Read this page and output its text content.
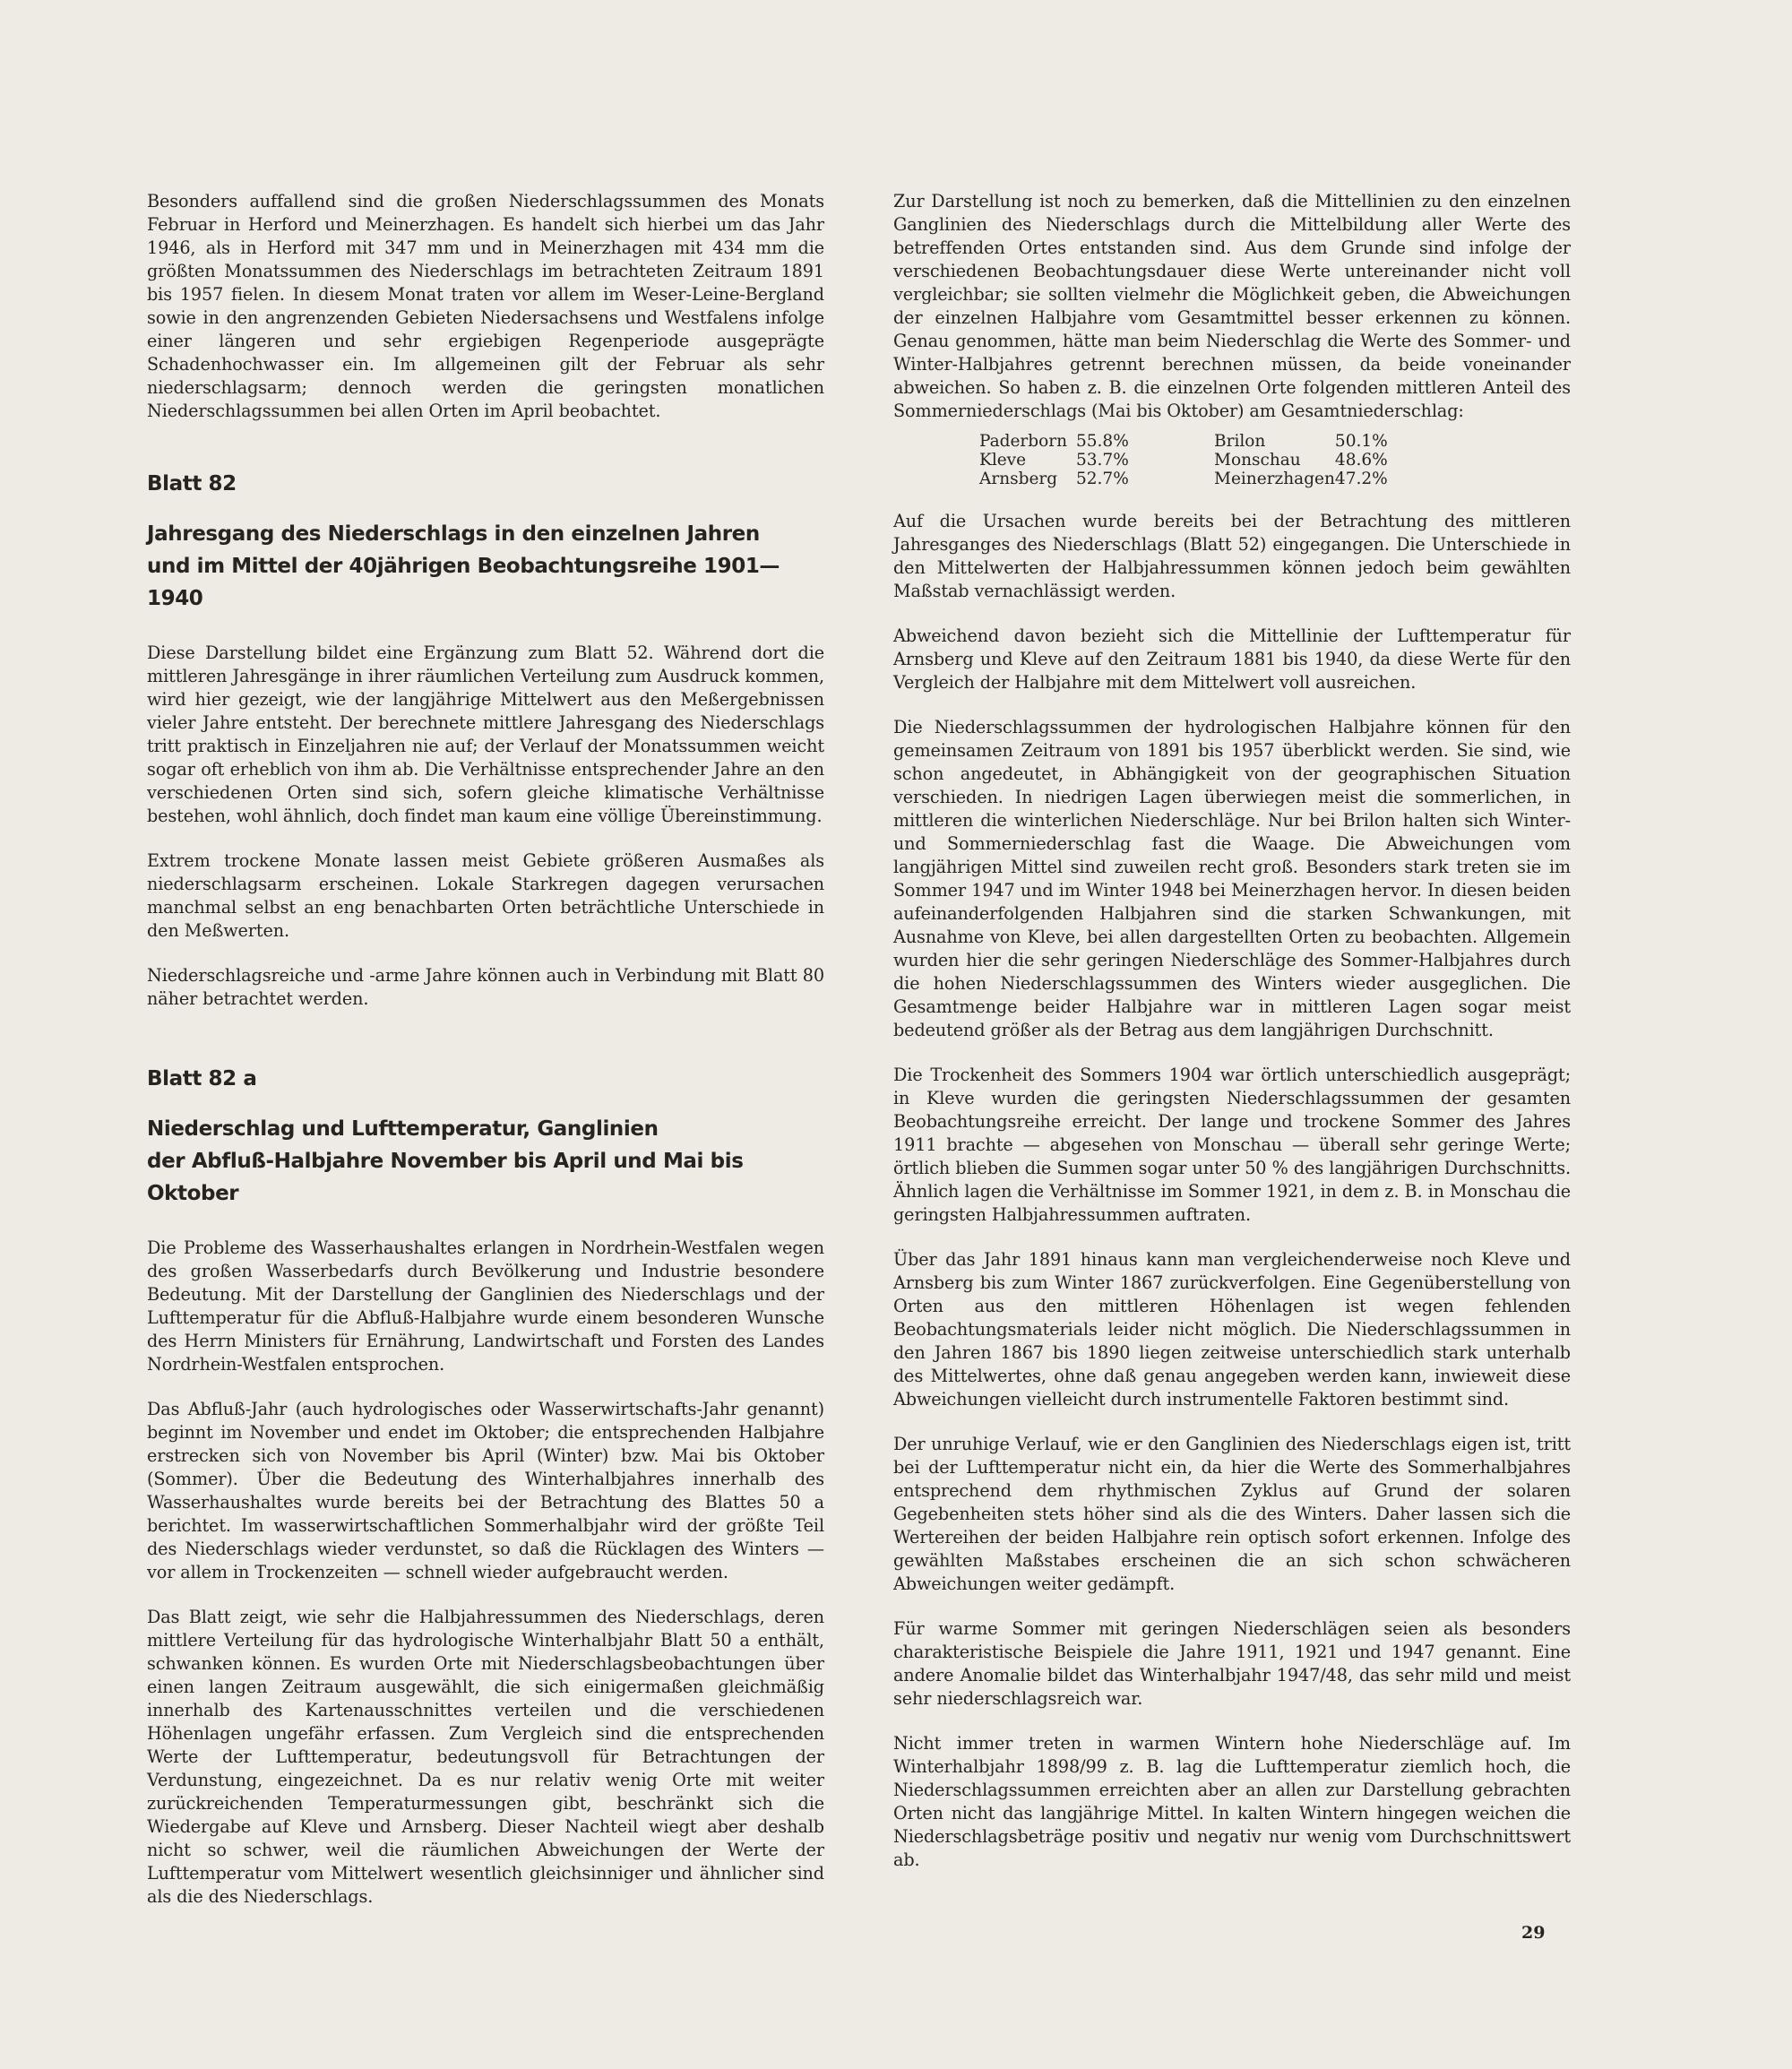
Besonders auffallend sind die großen Niederschlagssummen des Monats Februar in Herford und Meinerzhagen. Es handelt sich hierbei um das Jahr 1946, als in Herford mit 347 mm und in Meinerzhagen mit 434 mm die größten Monatssummen des Niederschlags im betrachteten Zeitraum 1891 bis 1957 fielen. In diesem Monat traten vor allem im Weser-Leine-Bergland sowie in den angrenzenden Gebieten Niedersachsens und Westfalens infolge einer längeren und sehr ergiebigen Regenperiode ausgeprägte Schadenhochwasser ein. Im allgemeinen gilt der Februar als sehr niederschlagsarm; dennoch werden die geringsten monatlichen Niederschlagssummen bei allen Orten im April beobachtet.

Blatt 82
Jahresgang des Niederschlags in den einzelnen Jahren
und im Mittel der 40jährigen Beobachtungsreihe 1901—1940

Diese Darstellung bildet eine Ergänzung zum Blatt 52. Während dort die mittleren Jahresgänge in ihrer räumlichen Verteilung zum Ausdruck kommen, wird hier gezeigt, wie der langjährige Mittelwert aus den Meßergebnissen vieler Jahre entsteht. Der berechnete mittlere Jahresgang des Niederschlags tritt praktisch in Einzeljahren nie auf; der Verlauf der Monatssummen weicht sogar oft erheblich von ihm ab. Die Verhältnisse entsprechender Jahre an den verschiedenen Orten sind sich, sofern gleiche klimatische Verhältnisse bestehen, wohl ähnlich, doch findet man kaum eine völlige Übereinstimmung.

Extrem trockene Monate lassen meist Gebiete größeren Ausmaßes als niederschlagsarm erscheinen. Lokale Starkregen dagegen verursachen manchmal selbst an eng benachbarten Orten beträchtliche Unterschiede in den Meßwerten.

Niederschlagsreiche und -arme Jahre können auch in Verbindung mit Blatt 80 näher betrachtet werden.

Blatt 82 a
Niederschlag und Lufttemperatur, Ganglinien
der Abfluß-Halbjahre November bis April und Mai bis Oktober

Die Probleme des Wasserhaushaltes erlangen in Nordrhein-Westfalen wegen des großen Wasserbedarfs durch Bevölkerung und Industrie besondere Bedeutung. Mit der Darstellung der Ganglinien des Niederschlags und der Lufttemperatur für die Abfluß-Halbjahre wurde einem besonderen Wunsche des Herrn Ministers für Ernährung, Landwirtschaft und Forsten des Landes Nordrhein-Westfalen entsprochen.

Das Abfluß-Jahr (auch hydrologisches oder Wasserwirtschafts-Jahr genannt) beginnt im November und endet im Oktober; die entsprechenden Halbjahre erstrecken sich von November bis April (Winter) bzw. Mai bis Oktober (Sommer). Über die Bedeutung des Winterhalbjahres innerhalb des Wasserhaushaltes wurde bereits bei der Betrachtung des Blattes 50 a berichtet. Im wasserwirtschaftlichen Sommerhalbjahr wird der größte Teil des Niederschlags wieder verdunstet, so daß die Rücklagen des Winters — vor allem in Trockenzeiten — schnell wieder aufgebraucht werden.

Das Blatt zeigt, wie sehr die Halbjahressummen des Niederschlags, deren mittlere Verteilung für das hydrologische Winterhalbjahr Blatt 50 a enthält, schwanken können. Es wurden Orte mit Niederschlagsbeobachtungen über einen langen Zeitraum ausgewählt, die sich einigermaßen gleichmäßig innerhalb des Kartenausschnittes verteilen und die verschiedenen Höhenlagen ungefähr erfassen. Zum Vergleich sind die entsprechenden Werte der Lufttemperatur, bedeutungsvoll für Betrachtungen der Verdunstung, eingezeichnet. Da es nur relativ wenig Orte mit weiter zurückreichenden Temperaturmessungen gibt, beschränkt sich die Wiedergabe auf Kleve und Arnsberg. Dieser Nachteil wiegt aber deshalb nicht so schwer, weil die räumlichen Abweichungen der Werte der Lufttemperatur vom Mittelwert wesentlich gleichsinniger und ähnlicher sind als die des Niederschlags.

Zur Darstellung ist noch zu bemerken, daß die Mittellinien zu den einzelnen Ganglinien des Niederschlags durch die Mittelbildung aller Werte des betreffenden Ortes entstanden sind. Aus dem Grunde sind infolge der verschiedenen Beobachtungsdauer diese Werte untereinander nicht voll vergleichbar; sie sollten vielmehr die Möglichkeit geben, die Abweichungen der einzelnen Halbjahre vom Gesamtmittel besser erkennen zu können. Genau genommen, hätte man beim Niederschlag die Werte des Sommer- und Winter-Halbjahres getrennt berechnen müssen, da beide voneinander abweichen. So haben z. B. die einzelnen Orte folgenden mittleren Anteil des Sommerniederschlags (Mai bis Oktober) am Gesamtniederschlag:

Paderborn	55.8%	Brilon	50.1%
Kleve	53.7%	Monschau	48.6%
Arnsberg	52.7%	Meinerzhagen	47.2%

Auf die Ursachen wurde bereits bei der Betrachtung des mittleren Jahresganges des Niederschlags (Blatt 52) eingegangen. Die Unterschiede in den Mittelwerten der Halbjahressummen können jedoch beim gewählten Maßstab vernachlässigt werden.

Abweichend davon bezieht sich die Mittellinie der Lufttemperatur für Arnsberg und Kleve auf den Zeitraum 1881 bis 1940, da diese Werte für den Vergleich der Halbjahre mit dem Mittelwert voll ausreichen.

Die Niederschlagssummen der hydrologischen Halbjahre können für den gemeinsamen Zeitraum von 1891 bis 1957 überblickt werden. Sie sind, wie schon angedeutet, in Abhängigkeit von der geographischen Situation verschieden. In niedrigen Lagen überwiegen meist die sommerlichen, in mittleren die winterlichen Niederschläge. Nur bei Brilon halten sich Winter- und Sommerniederschlag fast die Waage. Die Abweichungen vom langjährigen Mittel sind zuweilen recht groß. Besonders stark treten sie im Sommer 1947 und im Winter 1948 bei Meinerzhagen hervor. In diesen beiden aufeinanderfolgenden Halbjahren sind die starken Schwankungen, mit Ausnahme von Kleve, bei allen dargestellten Orten zu beobachten. Allgemein wurden hier die sehr geringen Niederschläge des Sommer-Halbjahres durch die hohen Niederschlagssummen des Winters wieder ausgeglichen. Die Gesamtmenge beider Halbjahre war in mittleren Lagen sogar meist bedeutend größer als der Betrag aus dem langjährigen Durchschnitt.

Die Trockenheit des Sommers 1904 war örtlich unterschiedlich ausgeprägt; in Kleve wurden die geringsten Niederschlagssummen der gesamten Beobachtungsreihe erreicht. Der lange und trockene Sommer des Jahres 1911 brachte — abgesehen von Monschau — überall sehr geringe Werte; örtlich blieben die Summen sogar unter 50 % des langjährigen Durchschnitts. Ähnlich lagen die Verhältnisse im Sommer 1921, in dem z. B. in Monschau die geringsten Halbjahressummen auftraten.

Über das Jahr 1891 hinaus kann man vergleichenderweise noch Kleve und Arnsberg bis zum Winter 1867 zurückverfolgen. Eine Gegenüberstellung von Orten aus den mittleren Höhenlagen ist wegen fehlenden Beobachtungsmaterials leider nicht möglich. Die Niederschlagssummen in den Jahren 1867 bis 1890 liegen zeitweise unterschiedlich stark unterhalb des Mittelwertes, ohne daß genau angegeben werden kann, inwieweit diese Abweichungen vielleicht durch instrumentelle Faktoren bestimmt sind.

Der unruhige Verlauf, wie er den Ganglinien des Niederschlags eigen ist, tritt bei der Lufttemperatur nicht ein, da hier die Werte des Sommerhalbjahres entsprechend dem rhythmischen Zyklus auf Grund der solaren Gegebenheiten stets höher sind als die des Winters. Daher lassen sich die Wertereihen der beiden Halbjahre rein optisch sofort erkennen. Infolge des gewählten Maßstabes erscheinen die an sich schon schwächeren Abweichungen weiter gedämpft.

Für warme Sommer mit geringen Niederschlägen seien als besonders charakteristische Beispiele die Jahre 1911, 1921 und 1947 genannt. Eine andere Anomalie bildet das Winterhalbjahr 1947/48, das sehr mild und meist sehr niederschlagsreich war.

Nicht immer treten in warmen Wintern hohe Niederschläge auf. Im Winterhalbjahr 1898/99 z. B. lag die Lufttemperatur ziemlich hoch, die Niederschlagssummen erreichten aber an allen zur Darstellung gebrachten Orten nicht das langjährige Mittel. In kalten Wintern hingegen weichen die Niederschlagsbeträge positiv und negativ nur wenig vom Durchschnittswert ab.

29
